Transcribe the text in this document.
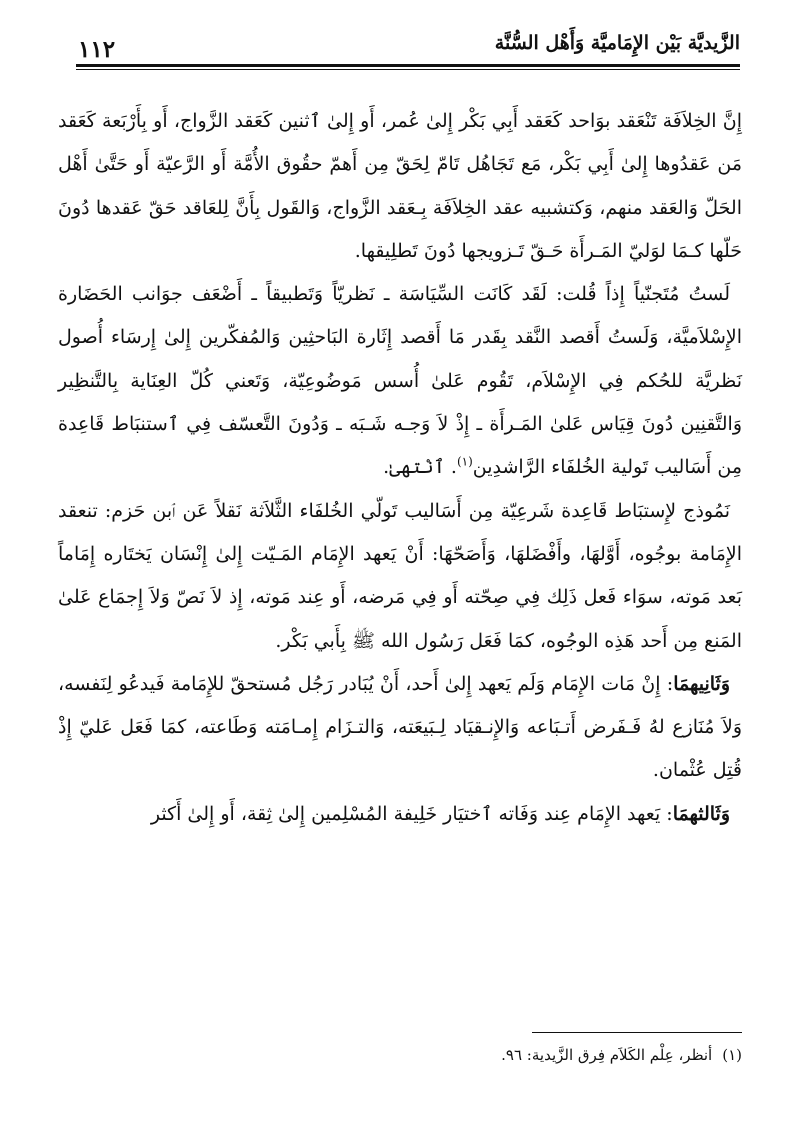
الزَّيديَّة بَيْن الإِمَاميَّة وَأَهْل السُّنَّة
١١٢

إِنَّ الخِلاَفَة تَنْعَقد بوَاحد كَعَقد أَبِي بَكْر إِلىٰ عُمر، أَو إِلىٰ ٱثنين كَعَقد الزَّواج، أَو بِأَرْبَعة كَعَقد مَن عَقدُوها إِلىٰ أَبِي بَكْر، مَع تَجَاهُل تَامّ لِحَقّ مِن أَهمّ حقُوق الأُمَّة أَو الرَّعيّة أَو حَتَّىٰ أَهْل الحَلّ وَالعَقد منهم، وَكتشبيه عقد الخِلاَفَة بِـعَقد الزَّواج، وَالقَول بِأَنَّ لِلعَاقد حَقّ عَقدها دُونَ حَلّها كـمَا لوَليّ المَـرأَة حَـقّ تَـزويجها دُونَ تَطلِيقها.

لَستُ مُتَجنّياً إِذاً قُلت: لَقَد كَانَت السِّيَاسَة ـ نَظريّاً وَتَطبيقاً ـ أَضْعَف جوَانب الحَضَارة الإِسْلاَميَّة، وَلَستُ أَقصد النَّقد بِقَدر مَا أَقصد إِثَارة البَاحثِين وَالمُفكّرين إِلىٰ إِرسَاء أُصول نَظريَّة للحُكم فِي الإِسْلاَم، تَقُوم عَلىٰ أُسس مَوضُوعِيّة، وَتَعني كُلّ العِنَاية بِالتَّنظِير وَالتَّقنِين دُونَ قِيَاس عَلىٰ المَـرأَة ـ إِذْ لاَ وَجـه شَـبَه ـ وَدُونَ التَّعسّف فِي ٱستنبَاط قَاعِدة مِن أَسَاليب تَولية الخُلفَاء الرَّاشدِين$^{(١)}$. ٱنْتهىٰ.

نَمُوذج لإِستبَاط قَاعِدة شَرعِيّة مِن أَسَاليب تَولّي الخُلفَاء الثَّلاَثة نَقلاً عَن ٱبن حَزم: تنعقد الإِمَامة بوجُوه، أَوَّلهَا، وأَفْضَلهَا، وَأَصَحّهَا: أَنْ يَعهد الإِمَام المَـيّت إِلىٰ إِنْسَان يَختَاره إِمَاماً بَعد مَوته، سوَاء فَعل ذَلِك فِي صِحّته أَو فِي مَرضه، أَو عِند مَوته، إِذ لاَ نَصّ وَلاَ إِجمَاع عَلىٰ المَنع مِن أَحد هَذِه الوجُوه، كمَا فَعَل رَسُول الله ﷺ بِأَبي بَكْر.

وَثَانِيهمَا: إِنْ مَات الإِمَام وَلَم يَعهد إِلىٰ أَحد، أَنْ يُبَادر رَجُل مُستحقّ للإِمَامة فَيدعُو لِنَفسه، وَلاَ مُنَازع لهُ فَـفَرض أَتـبَاعه وَالإِنـقيَاد لِـبَيعَته، وَالتـزَام إِمـامَته وَطَاعته، كمَا فَعَل عَليّ إِذْ قُتِل عُثْمان.

وَثَالثهمَا: يَعهد الإِمَام عِند وَفَاته ٱختيَار خَلِيفة المُسْلِمين إِلىٰ ثِقة، أَو إِلىٰ أَكثر

(١)أنظر، عِلْم الكَلاَم فِرق الزَّيدية: ٩٦.
